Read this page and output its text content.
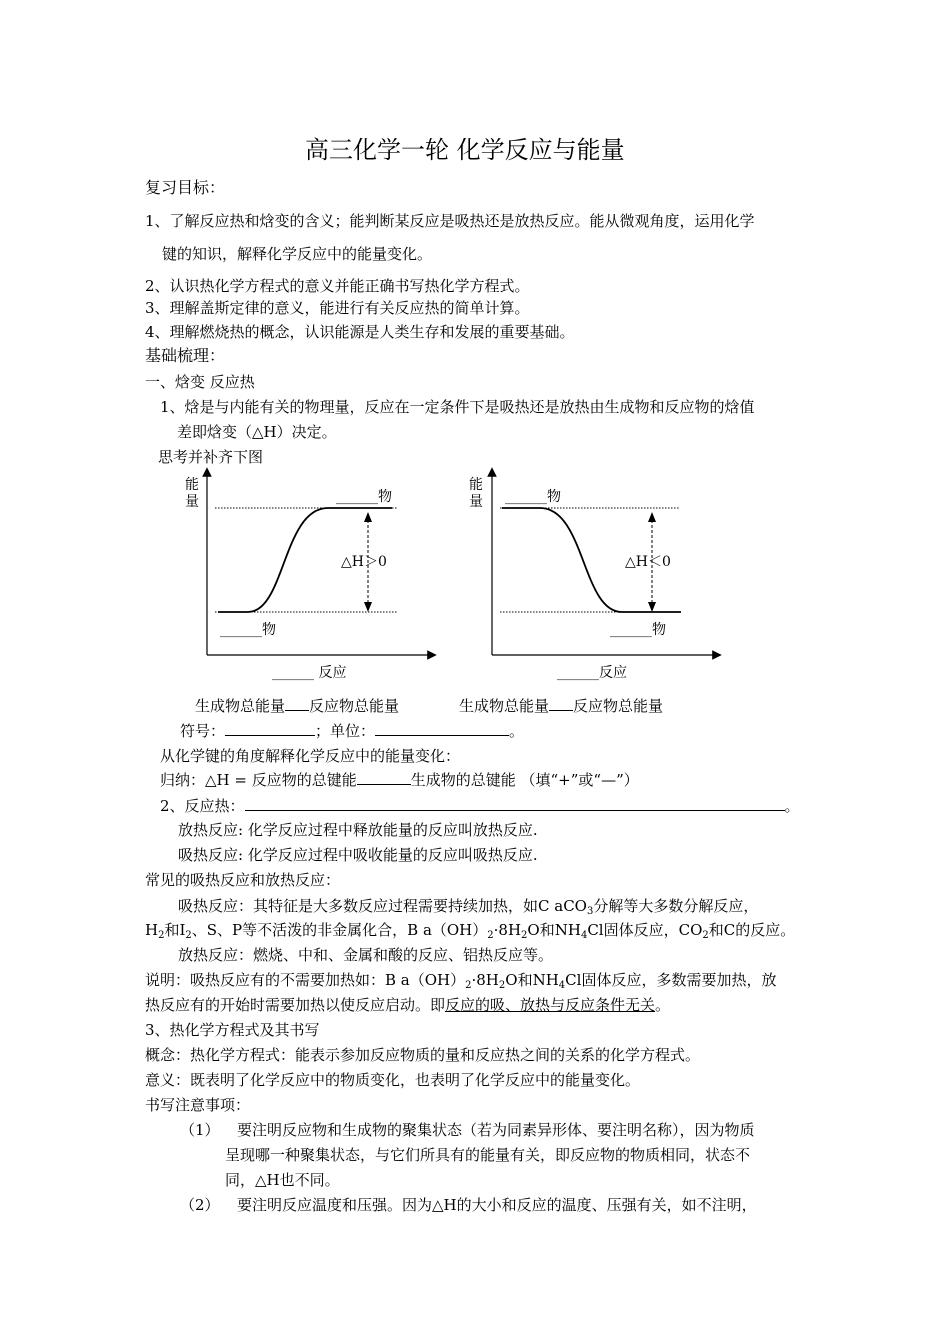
高三化学一轮 化学反应与能量
复习目标：
1、了解反应热和焓变的含义；能判断某反应是吸热还是放热反应。能从微观角度，运用化学
键的知识，解释化学反应中的能量变化。
2、认识热化学方程式的意义并能正确书写热化学方程式。
3、理解盖斯定律的意义，能进行有关反应热的简单计算。
4、理解燃烧热的概念，认识能源是人类生存和发展的重要基础。
基础梳理：
一、焓变 反应热
1、焓是与内能有关的物理量，反应在一定条件下是吸热还是放热由生成物和反应物的焓值
差即焓变（△H）决定。
思考并补齐下图
能
量	______物
△H＞0
______物
______ 反应
能
量 ______物
△H＜0
______物
______反应
生成物总能量 反应物总能量	生成物总能量 反应物总能量
符号：	；单位：	。
从化学键的角度解释化学反应中的能量变化：
归纳：△H = 反应物的总键能	生成物的总键能 （填“+”或“—”）
2、反应热：	。
放热反应: 化学反应过程中释放能量的反应叫放热反应.
吸热反应: 化学反应过程中吸收能量的反应叫吸热反应.
常见的吸热反应和放热反应：
吸热反应：其特征是大多数反应过程需要持续加热，如C aCO$_3$分解等大多数分解反应，
$H_2$和$I_2$、S、P等不活泼的非金属化合，B $a(OH)_2\cdot 8H_2O$和$NH_4Cl$固体反应，$CO_2$和C的反应。
放热反应：燃烧、中和、金属和酸的反应、铝热反应等。
说明：吸热反应有的不需要加热如：B $a(OH)_2\cdot 8H_2O$和$NH_4Cl$固体反应，多数需要加热，放
热反应有的开始时需要加热以使反应启动。即反应的吸、放热与反应条件无关。
3、热化学方程式及其书写
概念：热化学方程式：能表示参加反应物质的量和反应热之间的关系的化学方程式。
意义：既表明了化学反应中的物质变化，也表明了化学反应中的能量变化。
书写注意事项：
（1） 要注明反应物和生成物的聚集状态（若为同素异形体、要注明名称），因为物质
呈现哪一种聚集状态，与它们所具有的能量有关，即反应物的物质相同，状态不
同，△H也不同。
（2） 要注明反应温度和压强。因为△H的大小和反应的温度、压强有关，如不注明，
